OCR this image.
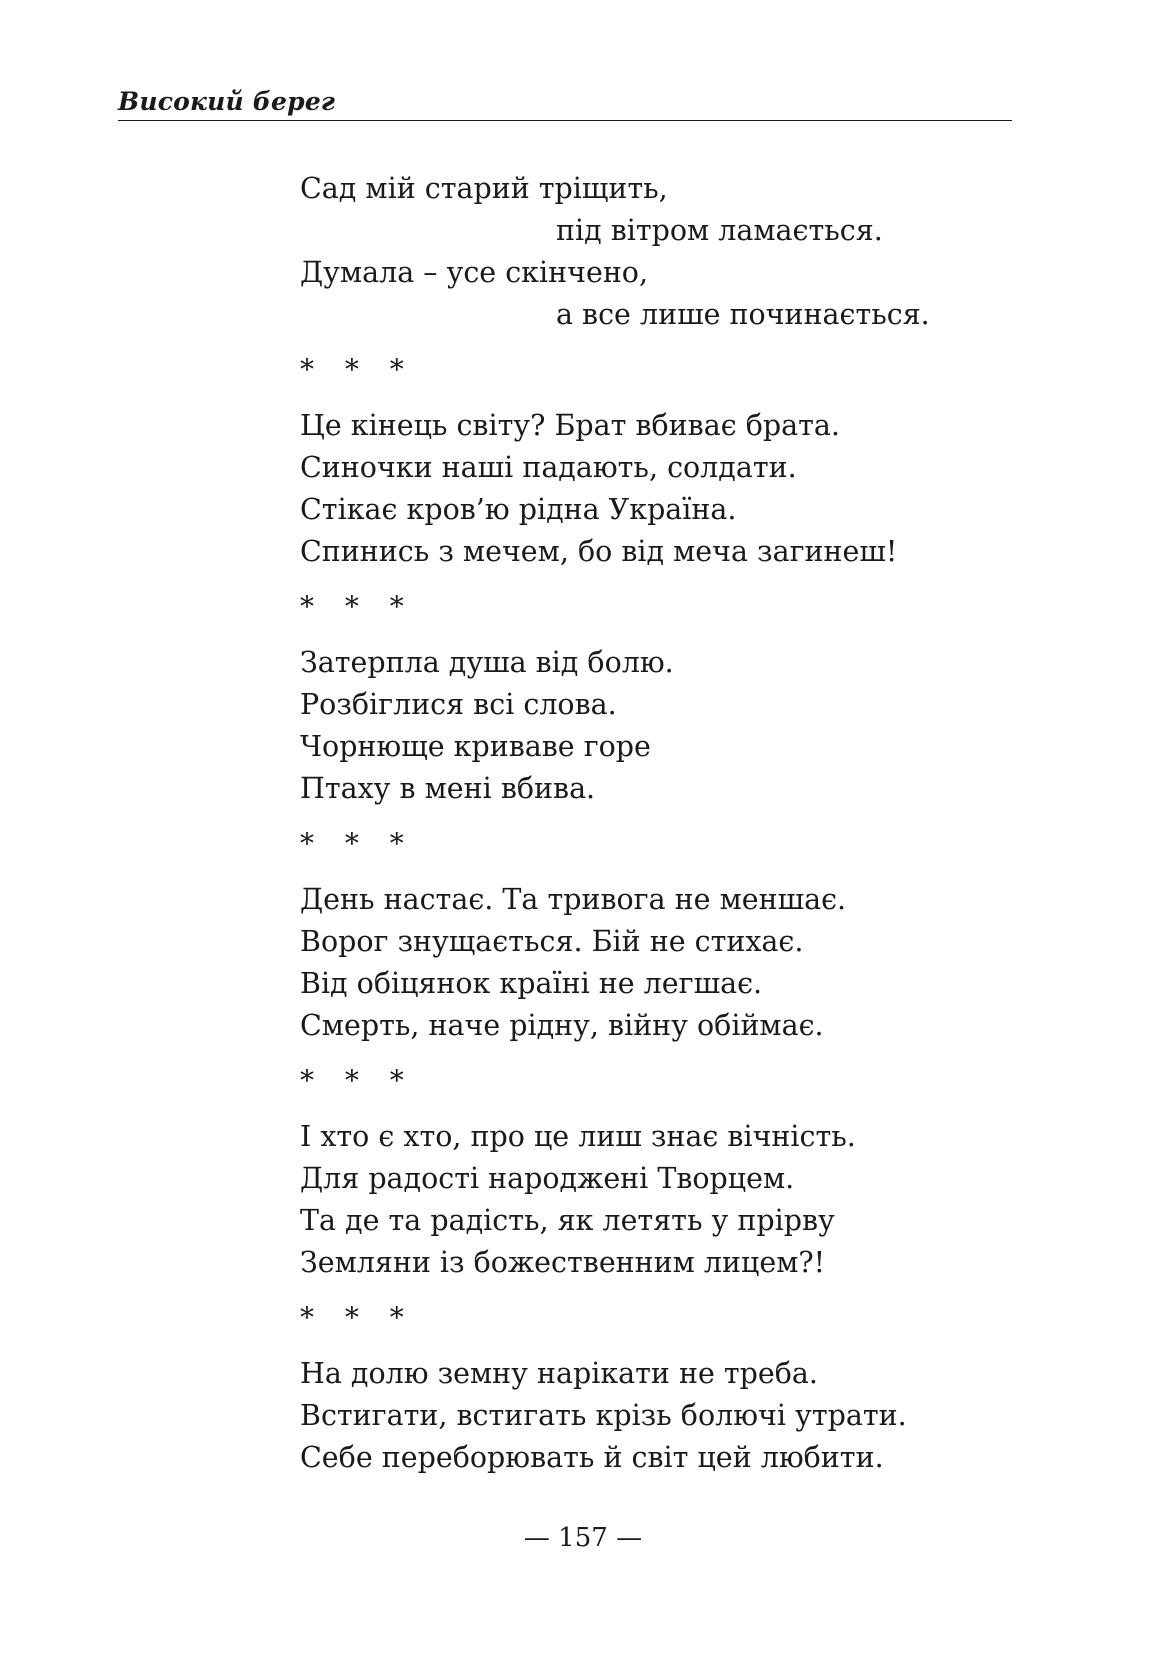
Високий берег
Сад мій старий тріщить,
під вітром ламається.
Думала – усе скінчено,
а все лише починається.
* * *
Це кінець світу? Брат вбиває брата.
Синочки наші падають, солдати.
Стікає кров’ю рідна Україна.
Спинись з мечем, бо від меча загинеш!
* * *
Затерпла душа від болю.
Розбіглися всі слова.
Чорнюще криваве горе
Птаху в мені вбива.
* * *
День настає. Та тривога не меншає.
Ворог знущається. Бій не стихає.
Від обіцянок країні не легшає.
Смерть, наче рідну, війну обіймає.
* * *
І хто є хто, про це лиш знає вічність.
Для радості народжені Творцем.
Та де та радість, як летять у прірву
Земляни із божественним лицем?!
* * *
На долю земну нарікати не треба.
Встигати, встигать крізь болючі утрати.
Себе переборювать й світ цей любити.
— 157 —
